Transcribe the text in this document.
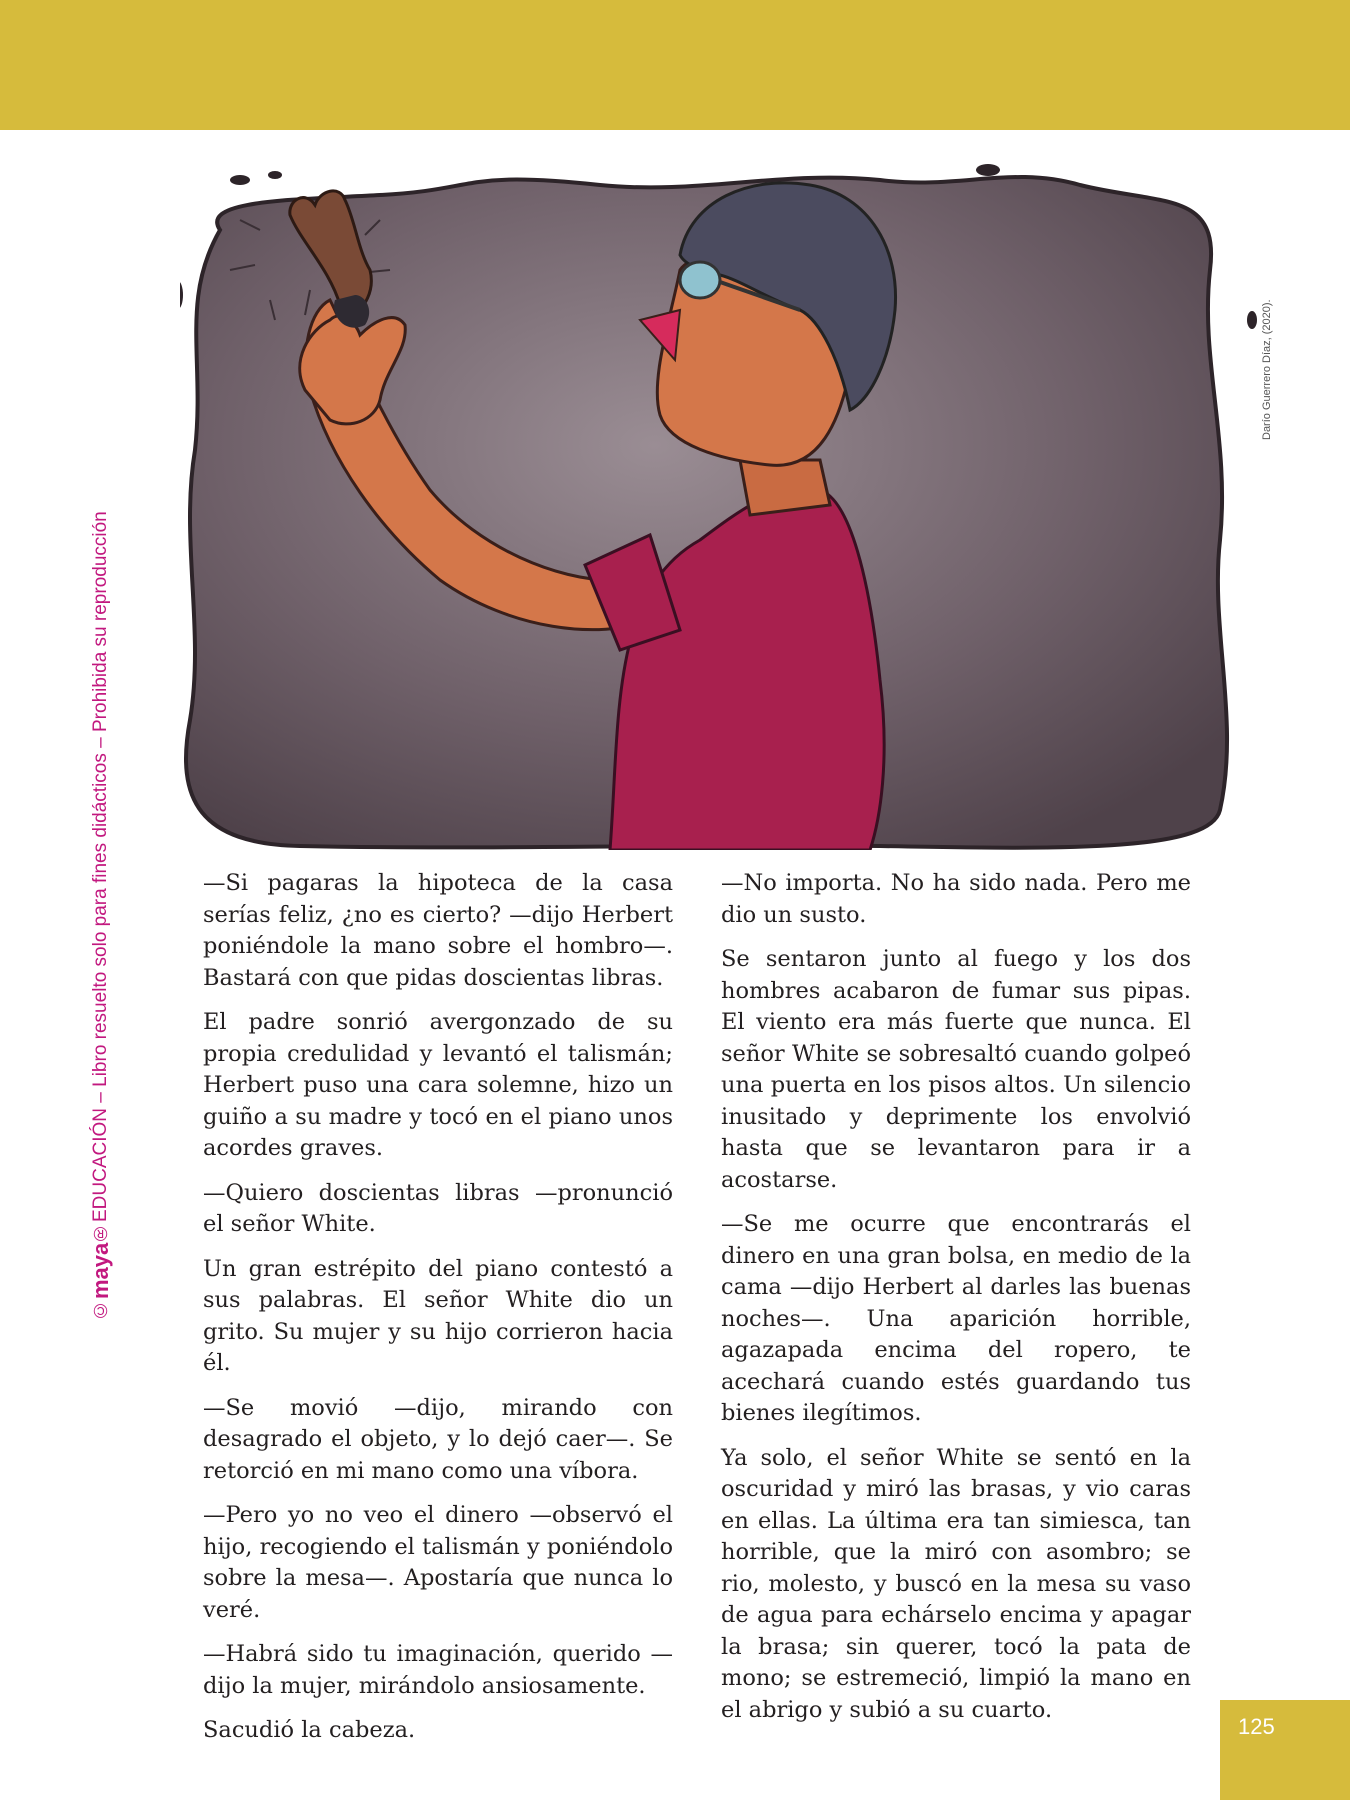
Darío Guerrero Díaz, (2020).
©
maya
®
EDUCACIÓN – Libro resuelto solo para fines didácticos – Prohibida su reproducción	—Si pagaras la hipoteca de la casa serías feliz, ¿no es cierto? —dijo Herbert poniéndole la mano sobre el hombro—. Bastará con que pidas doscientas libras.

El padre sonrió avergonzado de su propia credulidad y levantó el talismán; Herbert puso una cara solemne, hizo un guiño a su madre y tocó en el piano unos acordes graves.

—Quiero doscientas libras —pronunció el señor White.

Un gran estrépito del piano contestó a sus palabras. El señor White dio un grito. Su mujer y su hijo corrieron hacia él.

—Se movió —dijo, mirando con desagrado el objeto, y lo dejó caer—. Se retorció en mi mano como una víbora.

—Pero yo no veo el dinero —observó el hijo, recogiendo el talismán y poniéndolo sobre la mesa—. Apostaría que nunca lo veré.

—Habrá sido tu imaginación, querido —dijo la mujer, mirándolo ansiosamente.

Sacudió la cabeza.

—No importa. No ha sido nada. Pero me dio un susto.

Se sentaron junto al fuego y los dos hombres acabaron de fumar sus pipas. El viento era más fuerte que nunca. El señor White se sobresaltó cuando golpeó una puerta en los pisos altos. Un silencio inusitado y deprimente los envolvió hasta que se levantaron para ir a acostarse.

—Se me ocurre que encontrarás el dinero en una gran bolsa, en medio de la cama —dijo Herbert al darles las buenas noches—. Una aparición horrible, agazapada encima del ropero, te acechará cuando estés guardando tus bienes ilegítimos.

Ya solo, el señor White se sentó en la oscuridad y miró las brasas, y vio caras en ellas. La última era tan simiesca, tan horrible, que la miró con asombro; se rio, molesto, y buscó en la mesa su vaso de agua para echárselo encima y apagar la brasa; sin querer, tocó la pata de mono; se estremeció, limpió la mano en el abrigo y subió a su cuarto.

125
